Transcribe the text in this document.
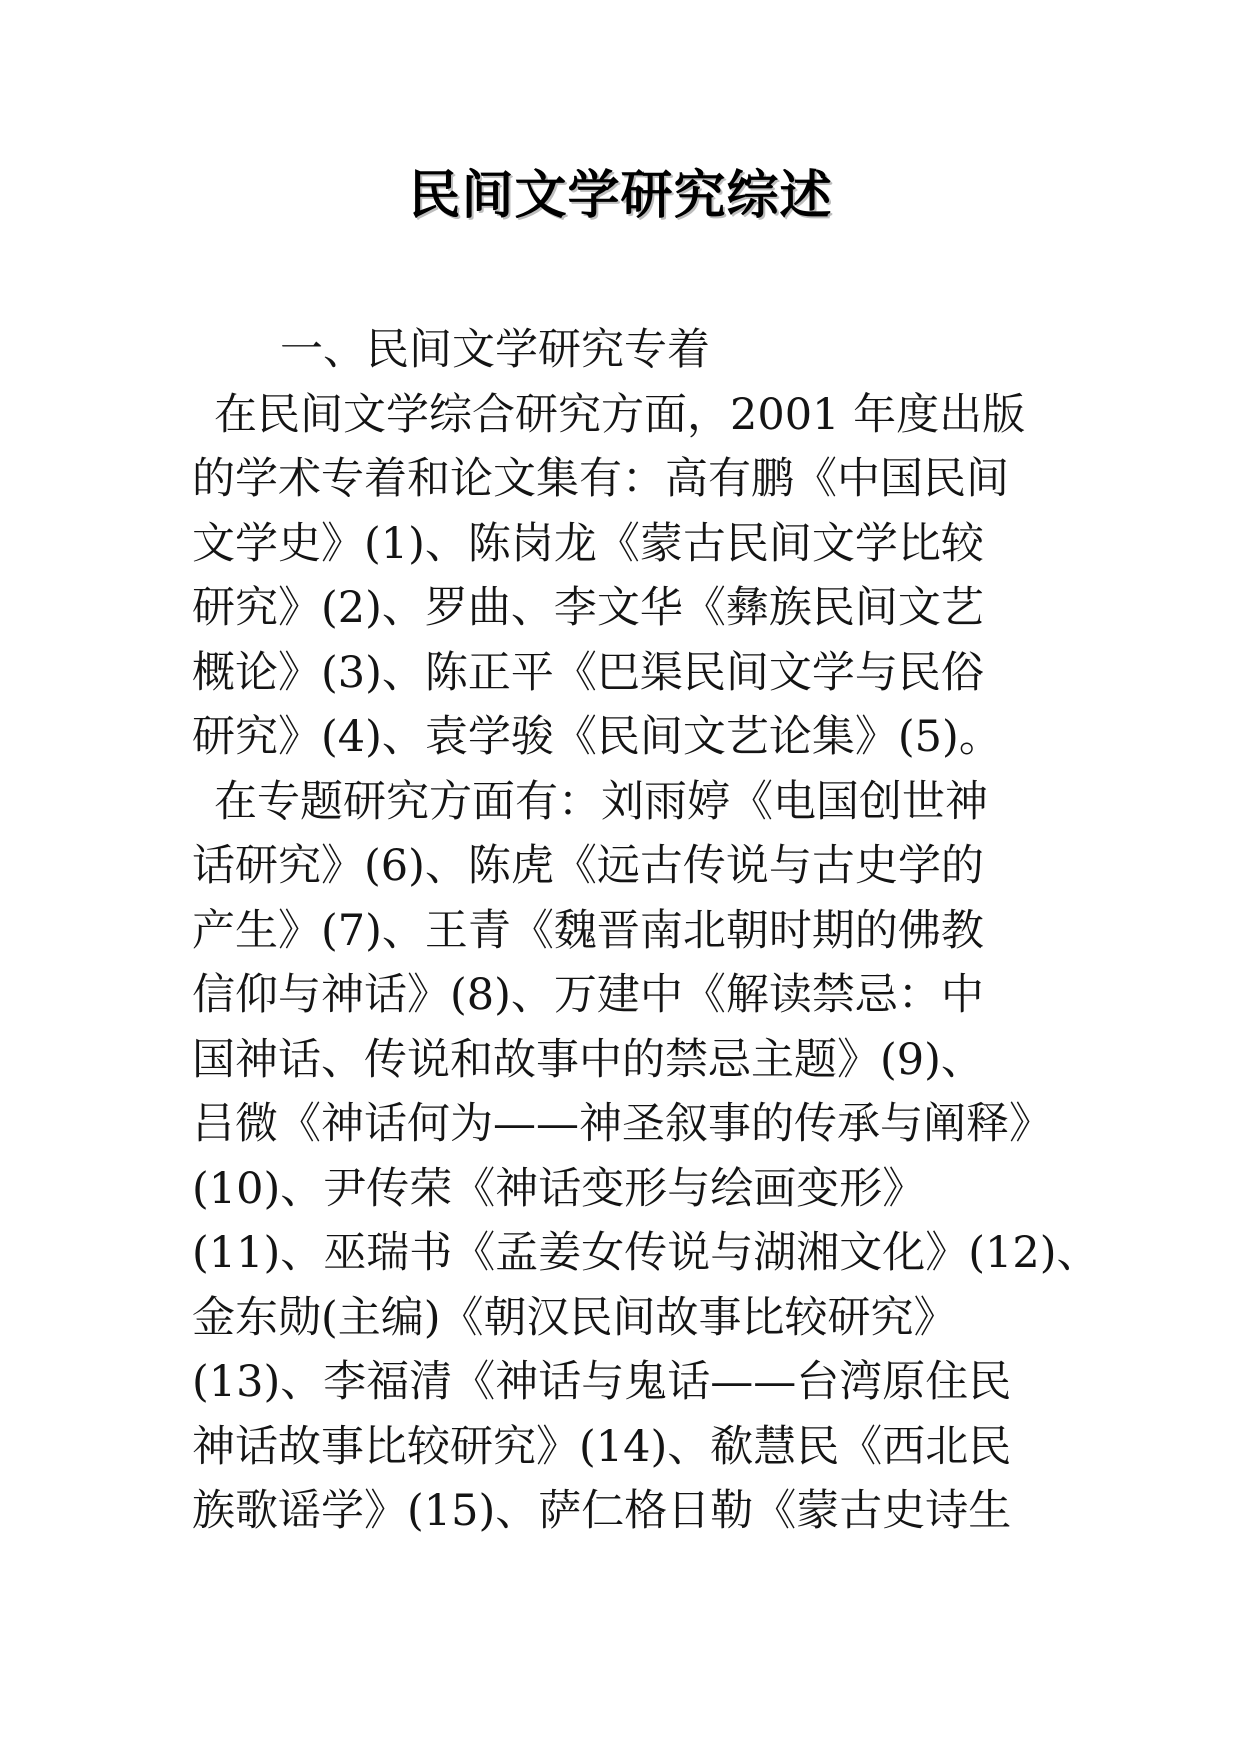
民间文学研究综述
一、民间文学研究专着
在民间文学综合研究方面，2001 年度出版
的学术专着和论文集有：高有鹏《中国民间
文学史》(1)、陈岗龙《蒙古民间文学比较
研究》(2)、罗曲、李文华《彝族民间文艺
概论》(3)、陈正平《巴渠民间文学与民俗
研究》(4)、袁学骏《民间文艺论集》(5)。
在专题研究方面有：刘雨婷《电国创世神
话研究》(6)、陈虎《远古传说与古史学的
产生》(7)、王青《魏晋南北朝时期的佛教
信仰与神话》(8)、万建中《解读禁忌：中
国神话、传说和故事中的禁忌主题》(9)、
吕微《神话何为——神圣叙事的传承与阐释》
(10)、尹传荣《神话变形与绘画变形》
(11)、巫瑞书《孟姜女传说与湖湘文化》(12)、
金东勋(主编)《朝汉民间故事比较研究》
(13)、李福清《神话与鬼话——台湾原住民
神话故事比较研究》(14)、欷慧民《西北民
族歌谣学》(15)、萨仁格日勒《蒙古史诗生
